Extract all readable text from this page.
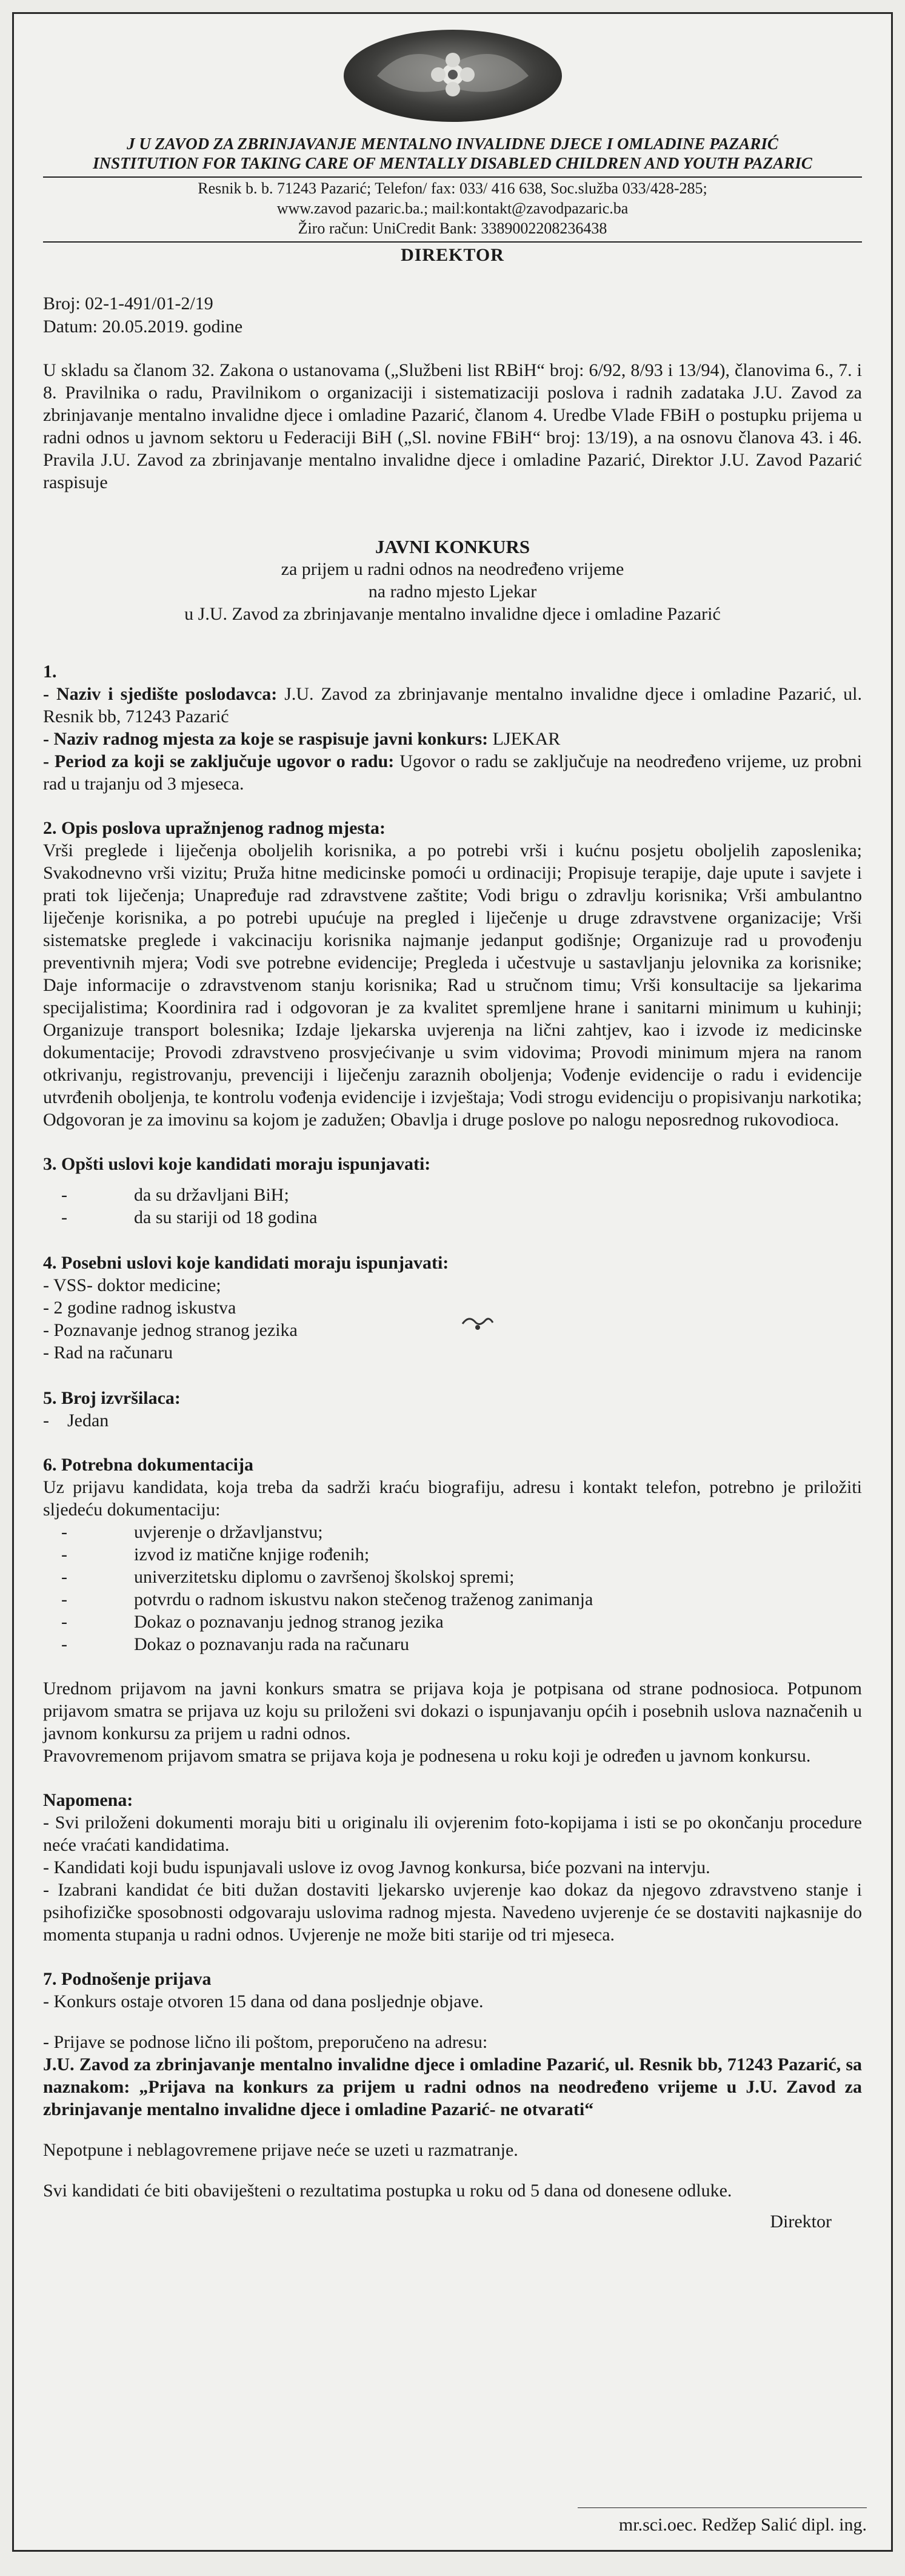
J U ZAVOD ZA ZBRINJAVANJE MENTALNO INVALIDNE DJECE I OMLADINE PAZARIĆ

INSTITUTION FOR TAKING CARE OF MENTALLY DISABLED CHILDREN AND YOUTH PAZARIC

Resnik b. b. 71243 Pazarić; Telefon/ fax: 033/ 416 638, Soc.služba 033/428-285;

www.zavod pazaric.ba.; mail:kontakt@zavodpazaric.ba

Žiro račun: UniCredit Bank: 3389002208236438

DIREKTOR

Broj: 02-1-491/01-2/19

Datum: 20.05.2019. godine

U skladu sa članom 32. Zakona o ustanovama („Službeni list RBiH“ broj: 6/92, 8/93 i 13/94), članovima 6., 7. i 8. Pravilnika o radu, Pravilnikom o organizaciji i sistematizaciji poslova i radnih zadataka J.U. Zavod za zbrinjavanje mentalno invalidne djece i omladine Pazarić, članom 4. Uredbe Vlade FBiH o postupku prijema u radni odnos u javnom sektoru u Federaciji BiH („Sl. novine FBiH“ broj: 13/19), a na osnovu članova 43. i 46. Pravila J.U. Zavod za zbrinjavanje mentalno invalidne djece i omladine Pazarić, Direktor J.U. Zavod Pazarić raspisuje

JAVNI KONKURS

za prijem u radni odnos na neodređeno vrijeme

na radno mjesto Ljekar

u J.U. Zavod za zbrinjavanje mentalno invalidne djece i omladine Pazarić

1.

- Naziv i sjedište poslodavca: J.U. Zavod za zbrinjavanje mentalno invalidne djece i omladine Pazarić, ul. Resnik bb, 71243 Pazarić

- Naziv radnog mjesta za koje se raspisuje javni konkurs: LJEKAR

- Period za koji se zaključuje ugovor o radu: Ugovor o radu se zaključuje na neodređeno vrijeme, uz probni rad u trajanju od 3 mjeseca.

2. Opis poslova upražnjenog radnog mjesta:

Vrši preglede i liječenja oboljelih korisnika, a po potrebi vrši i kućnu posjetu oboljelih zaposlenika; Svakodnevno vrši vizitu; Pruža hitne medicinske pomoći u ordinaciji; Propisuje terapije, daje upute i savjete i prati tok liječenja; Unapređuje rad zdravstvene zaštite; Vodi brigu o zdravlju korisnika; Vrši ambulantno liječenje korisnika, a po potrebi upućuje na pregled i liječenje u druge zdravstvene organizacije; Vrši sistematske preglede i vakcinaciju korisnika najmanje jedanput godišnje; Organizuje rad u provođenju preventivnih mjera; Vodi sve potrebne evidencije; Pregleda i učestvuje u sastavljanju jelovnika za korisnike; Daje informacije o zdravstvenom stanju korisnika; Rad u stručnom timu; Vrši konsultacije sa ljekarima specijalistima; Koordinira rad i odgovoran je za kvalitet spremljene hrane i sanitarni minimum u kuhinji; Organizuje transport bolesnika; Izdaje ljekarska uvjerenja na lični zahtjev, kao i izvode iz medicinske dokumentacije; Provodi zdravstveno prosvjećivanje u svim vidovima; Provodi minimum mjera na ranom otkrivanju, registrovanju, prevenciji i liječenju zaraznih oboljenja; Vođenje evidencije o radu i evidencije utvrđenih oboljenja, te kontrolu vođenja evidencije i izvještaja; Vodi strogu evidenciju o propisivanju narkotika; Odgovoran je za imovinu sa kojom je zadužen; Obavlja i druge poslove po nalogu neposrednog rukovodioca.

3. Opšti uslovi koje kandidati moraju ispunjavati:

- da su državljani BiH;
- da su stariji od 18 godina

4. Posebni uslovi koje kandidati moraju ispunjavati:

- VSS- doktor medicine;
- 2 godine radnog iskustva
- Poznavanje jednog stranog jezika
- Rad na računaru

5. Broj izvršilaca:

- Jedan

6. Potrebna dokumentacija

Uz prijavu kandidata, koja treba da sadrži kraću biografiju, adresu i kontakt telefon, potrebno je priložiti sljedeću dokumentaciju:

- uvjerenje o državljanstvu;
- izvod iz matične knjige rođenih;
- univerzitetsku diplomu o završenoj školskoj spremi;
- potvrdu o radnom iskustvu nakon stečenog traženog zanimanja
- Dokaz o poznavanju jednog stranog jezika
- Dokaz o poznavanju rada na računaru

Urednom prijavom na javni konkurs smatra se prijava koja je potpisana od strane podnosioca. Potpunom prijavom smatra se prijava uz koju su priloženi svi dokazi o ispunjavanju općih i posebnih uslova naznačenih u javnom konkursu za prijem u radni odnos.

Pravovremenom prijavom smatra se prijava koja je podnesena u roku koji je određen u javnom konkursu.

Napomena:

- Svi priloženi dokumenti moraju biti u originalu ili ovjerenim foto-kopijama i isti se po okončanju procedure neće vraćati kandidatima.

- Kandidati koji budu ispunjavali uslove iz ovog Javnog konkursa, biće pozvani na intervju.

- Izabrani kandidat će biti dužan dostaviti ljekarsko uvjerenje kao dokaz da njegovo zdravstveno stanje i psihofizičke sposobnosti odgovaraju uslovima radnog mjesta. Navedeno uvjerenje će se dostaviti najkasnije do momenta stupanja u radni odnos. Uvjerenje ne može biti starije od tri mjeseca.

7. Podnošenje prijava

- Konkurs ostaje otvoren 15 dana od dana posljednje objave.

- Prijave se podnose lično ili poštom, preporučeno na adresu:

J.U. Zavod za zbrinjavanje mentalno invalidne djece i omladine Pazarić, ul. Resnik bb, 71243 Pazarić, sa naznakom: „Prijava na konkurs za prijem u radni odnos na neodređeno vrijeme u J.U. Zavod za zbrinjavanje mentalno invalidne djece i omladine Pazarić- ne otvarati“

Nepotpune i neblagovremene prijave neće se uzeti u razmatranje.

Svi kandidati će biti obaviješteni o rezultatima postupka u roku od 5 dana od donesene odluke.

Direktor

mr.sci.oec. Redžep Salić dipl. ing.
